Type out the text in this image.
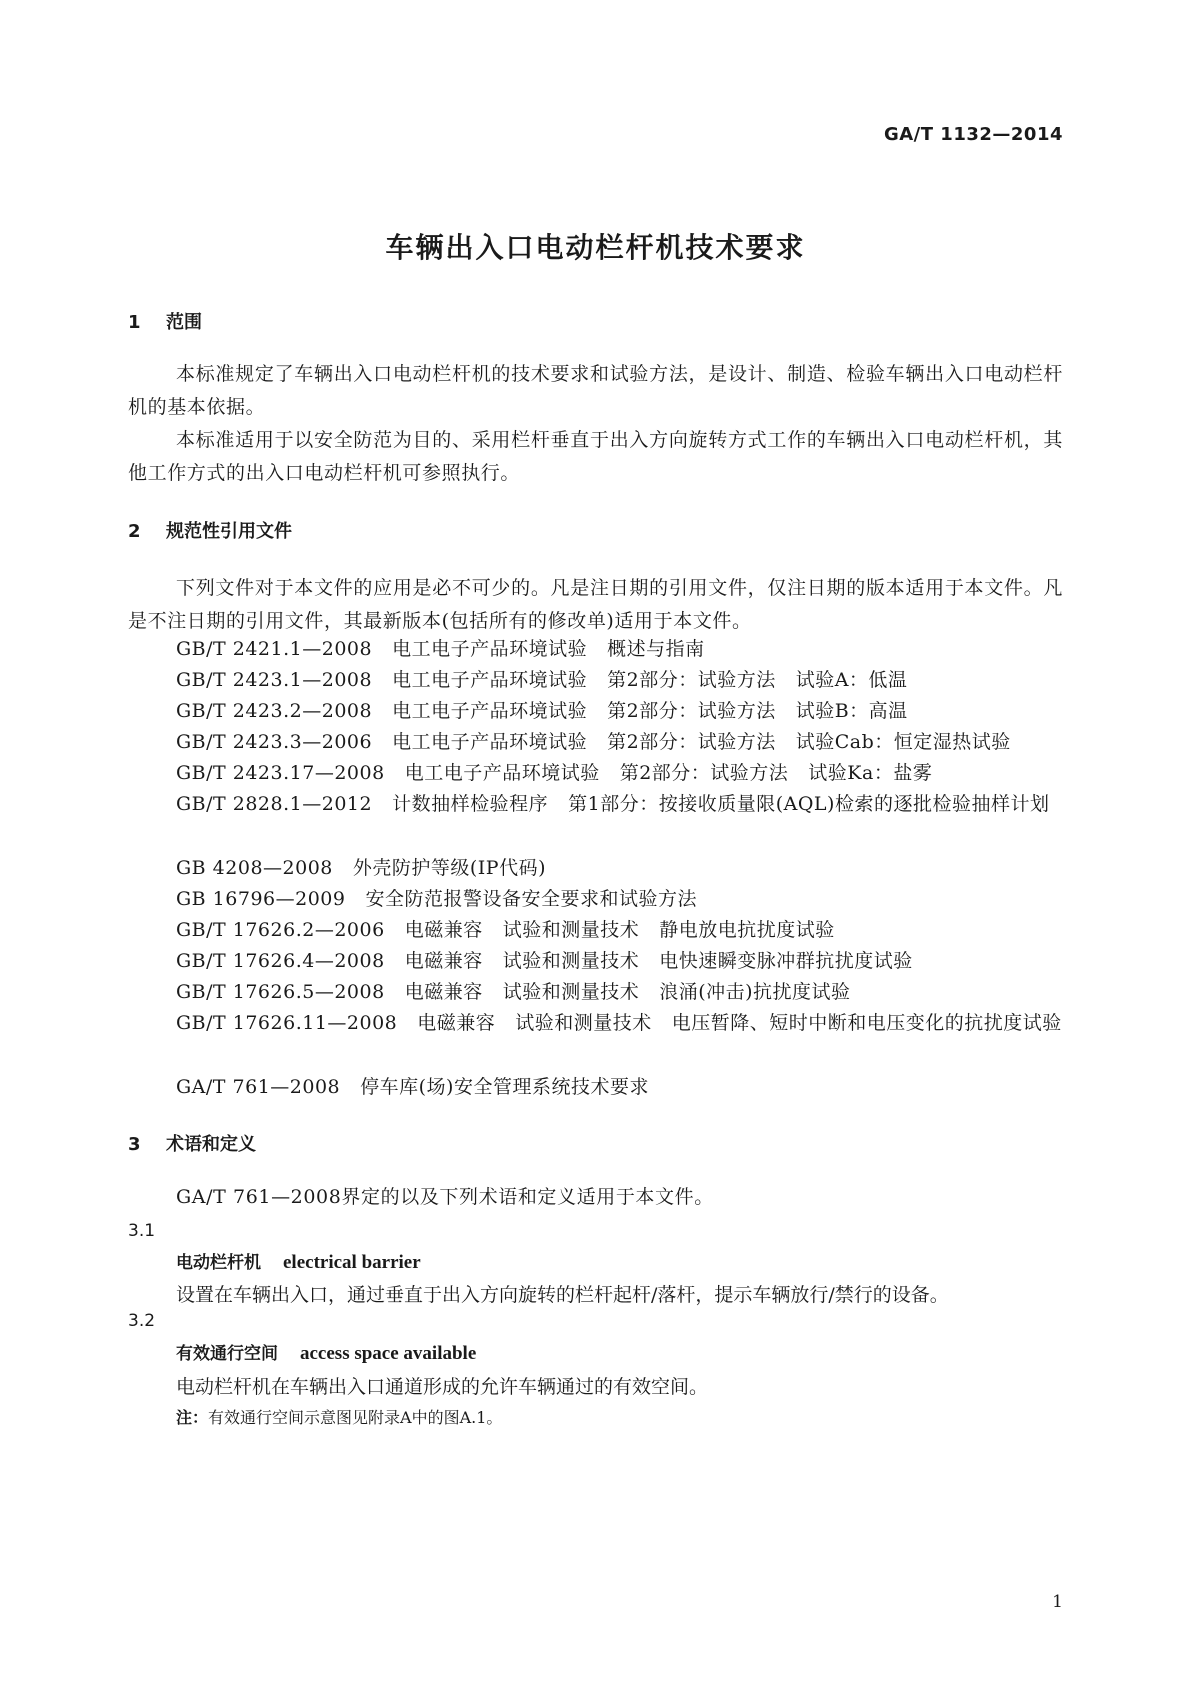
GA/T 1132—2014
车辆出入口电动栏杆机技术要求
1 范围

本标准规定了车辆出入口电动栏杆机的技术要求和试验方法，是设计、制造、检验车辆出入口电动栏杆机的基本依据。

本标准适用于以安全防范为目的、采用栏杆垂直于出入方向旋转方式工作的车辆出入口电动栏杆机，其他工作方式的出入口电动栏杆机可参照执行。

2 规范性引用文件

下列文件对于本文件的应用是必不可少的。凡是注日期的引用文件，仅注日期的版本适用于本文件。凡是不注日期的引用文件，其最新版本(包括所有的修改单)适用于本文件。

GB/T 2421.1—2008 电工电子产品环境试验 概述与指南
GB/T 2423.1—2008 电工电子产品环境试验 第2部分：试验方法 试验A：低温
GB/T 2423.2—2008 电工电子产品环境试验 第2部分：试验方法 试验B：高温
GB/T 2423.3—2006 电工电子产品环境试验 第2部分：试验方法 试验Cab：恒定湿热试验
GB/T 2423.17—2008 电工电子产品环境试验 第2部分：试验方法 试验Ka：盐雾
GB/T 2828.1—2012 计数抽样检验程序 第1部分：按接收质量限(AQL)检索的逐批检验抽样计划
GB 4208—2008 外壳防护等级(IP代码)
GB 16796—2009 安全防范报警设备安全要求和试验方法
GB/T 17626.2—2006 电磁兼容 试验和测量技术 静电放电抗扰度试验
GB/T 17626.4—2008 电磁兼容 试验和测量技术 电快速瞬变脉冲群抗扰度试验
GB/T 17626.5—2008 电磁兼容 试验和测量技术 浪涌(冲击)抗扰度试验
GB/T 17626.11—2008 电磁兼容 试验和测量技术 电压暂降、短时中断和电压变化的抗扰度试验
GA/T 761—2008 停车库(场)安全管理系统技术要求
3 术语和定义

GA/T 761—2008界定的以及下列术语和定义适用于本文件。

3.1
电动栏杆机 electrical barrier
设置在车辆出入口，通过垂直于出入方向旋转的栏杆起杆/落杆，提示车辆放行/禁行的设备。
3.2
有效通行空间 access space available
电动栏杆机在车辆出入口通道形成的允许车辆通过的有效空间。
注：有效通行空间示意图见附录A中的图A.1。
1
